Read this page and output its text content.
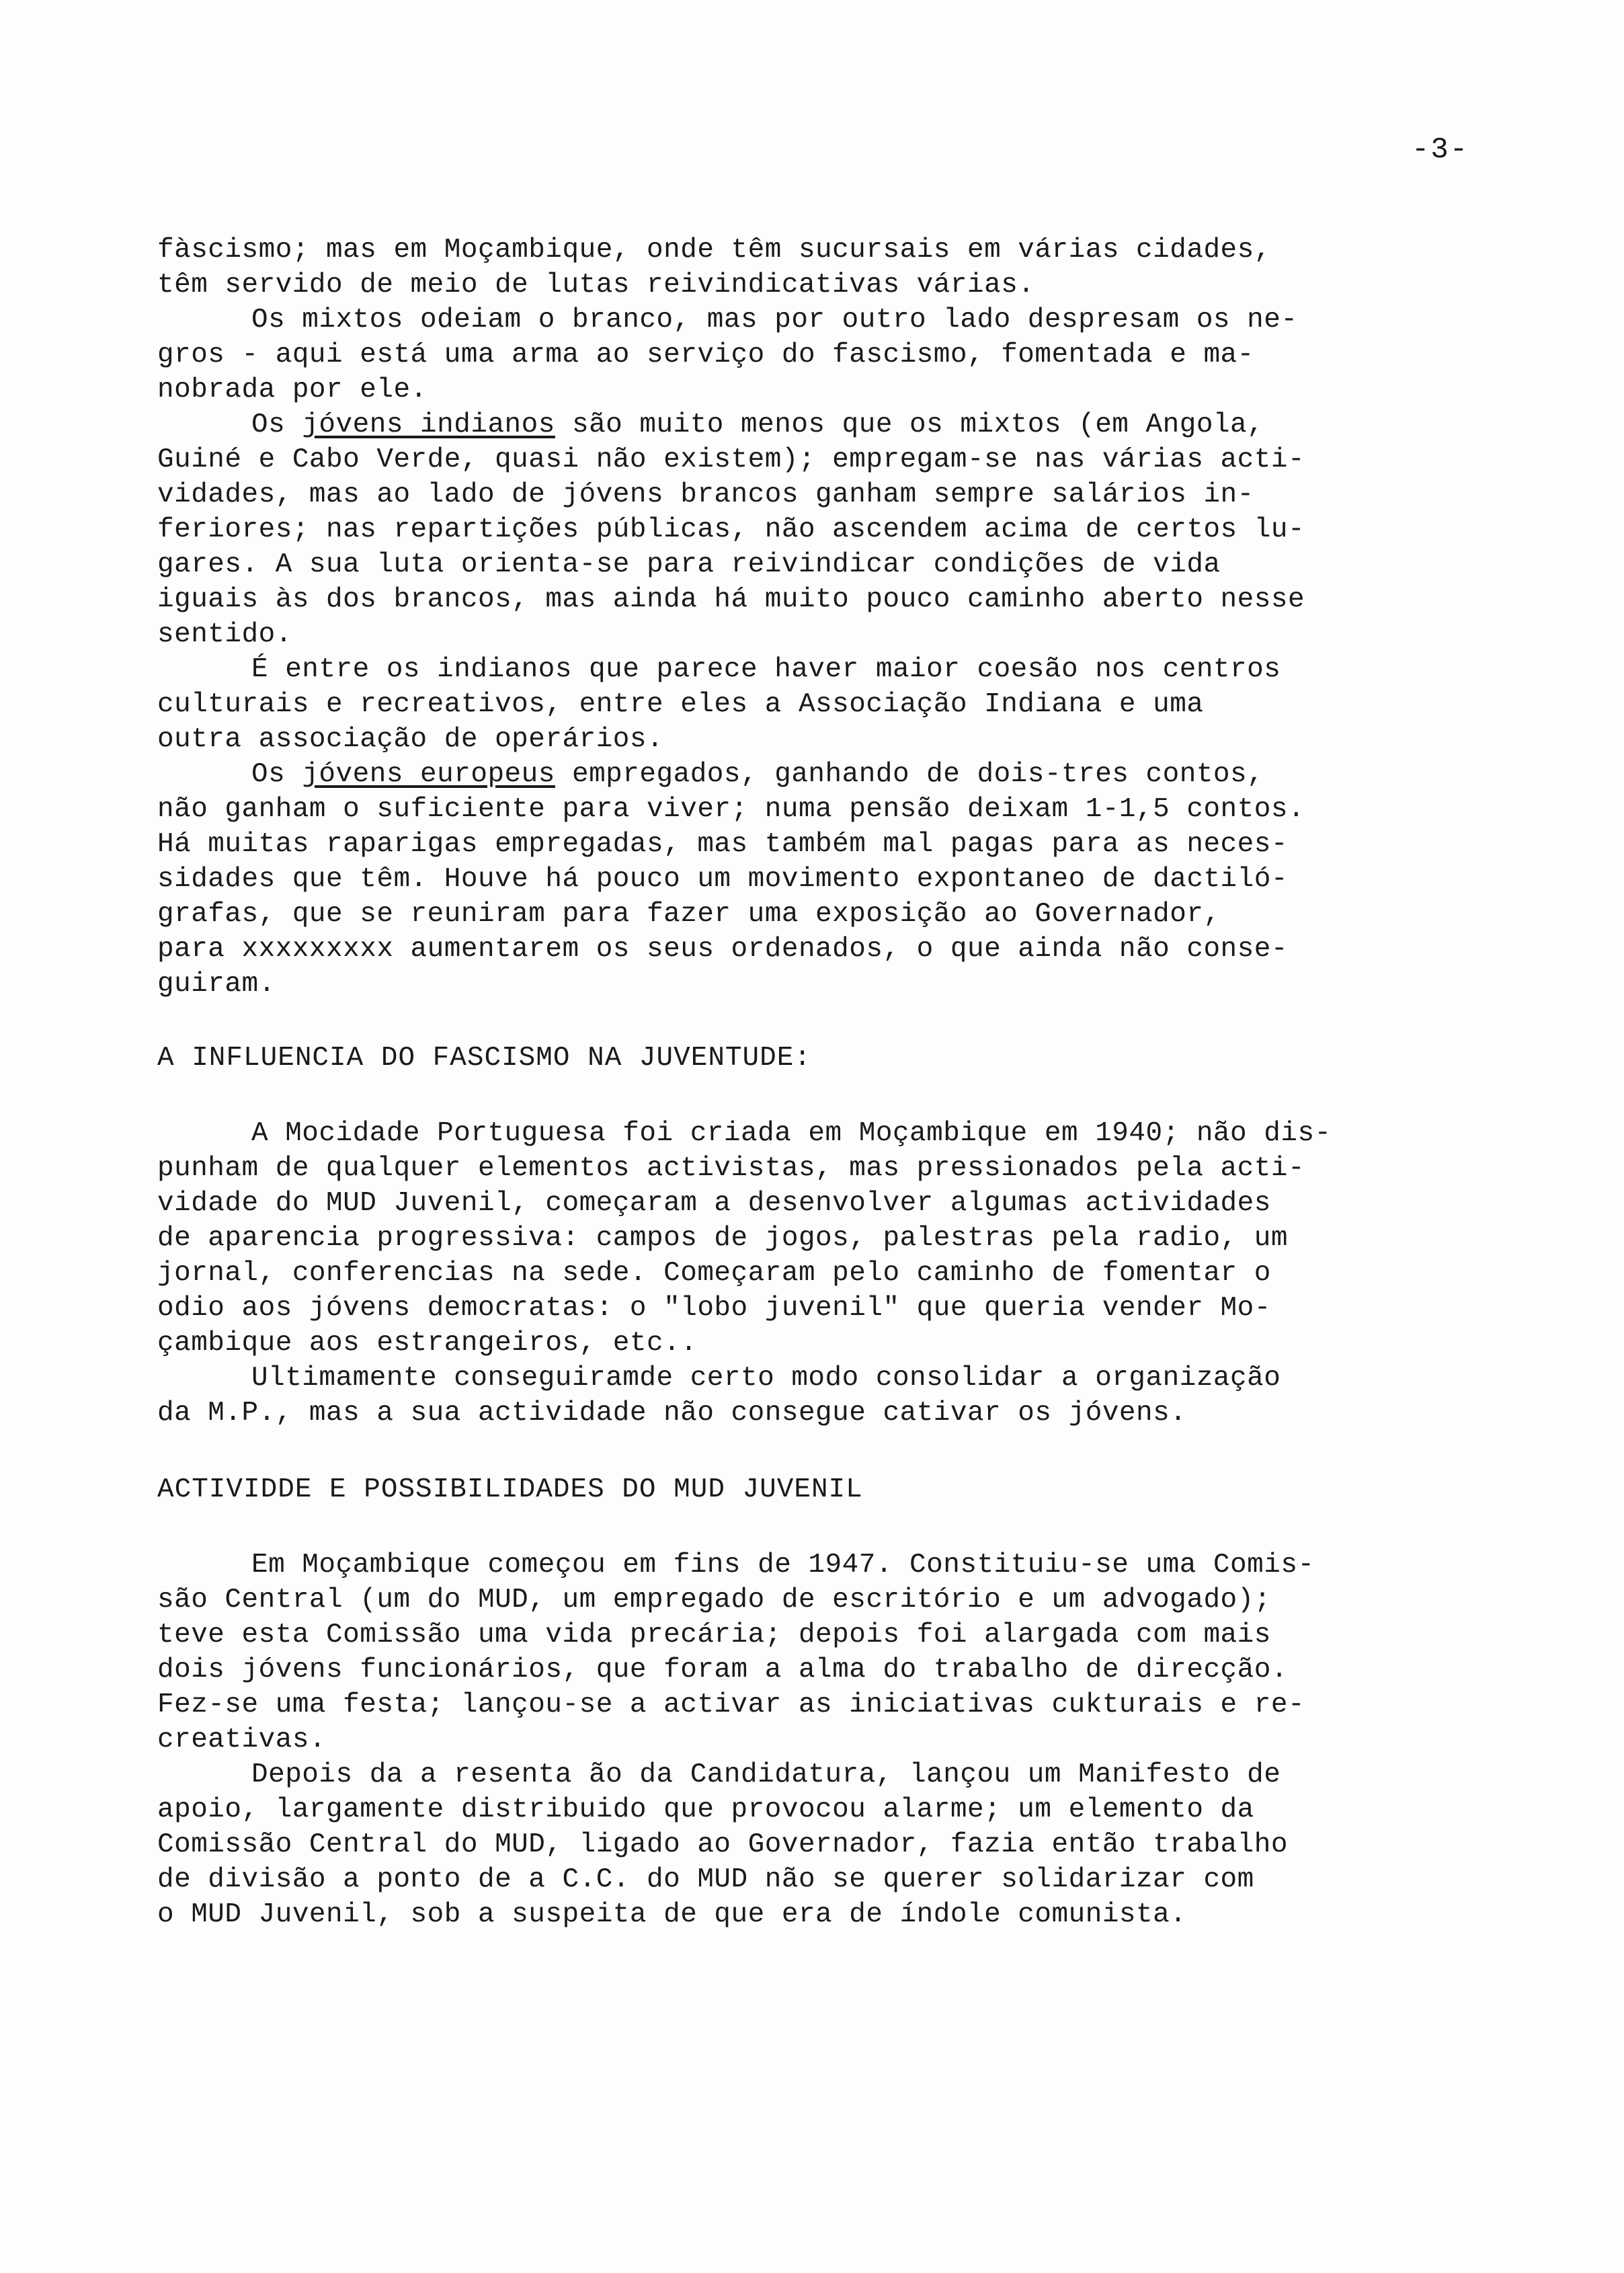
-3-
fàscismo; mas em Moçambique, onde têm sucursais em várias cidades,
têm servido de meio de lutas reivindicativas várias.
Os mixtos odeiam o branco, mas por outro lado despresam os ne-
gros - aqui está uma arma ao serviço do fascismo, fomentada e ma-
nobrada por ele.
Os jóvens indianos são muito menos que os mixtos (em Angola,
Guiné e Cabo Verde, quasi não existem); empregam-se nas várias acti-
vidades, mas ao lado de jóvens brancos ganham sempre salários in-
feriores; nas repartições públicas, não ascendem acima de certos lu-
gares. A sua luta orienta-se para reivindicar condições de vida
iguais às dos brancos, mas ainda há muito pouco caminho aberto nesse
sentido.
É entre os indianos que parece haver maior coesão nos centros
culturais e recreativos, entre eles a Associação Indiana e uma
outra associação de operários.
Os jóvens europeus empregados, ganhando de dois-tres contos,
não ganham o suficiente para viver; numa pensão deixam 1-1,5 contos.
Há muitas raparigas empregadas, mas também mal pagas para as neces-
sidades que têm. Houve há pouco um movimento expontaneo de dactiló-
grafas, que se reuniram para fazer uma exposição ao Governador,
para xxxxxxxxx aumentarem os seus ordenados, o que ainda não conse-
guiram.
A INFLUENCIA DO FASCISMO NA JUVENTUDE:
A Mocidade Portuguesa foi criada em Moçambique em 1940; não dis-
punham de qualquer elementos activistas, mas pressionados pela acti-
vidade do MUD Juvenil, começaram a desenvolver algumas actividades
de aparencia progressiva: campos de jogos, palestras pela radio, um
jornal, conferencias na sede. Começaram pelo caminho de fomentar o
odio aos jóvens democratas: o "lobo juvenil" que queria vender Mo-
çambique aos estrangeiros, etc..
Ultimamente conseguiramde certo modo consolidar a organização
da M.P., mas a sua actividade não consegue cativar os jóvens.
ACTIVIDDE E POSSIBILIDADES DO MUD JUVENIL
Em Moçambique começou em fins de 1947. Constituiu-se uma Comis-
são Central (um do MUD, um empregado de escritório e um advogado);
teve esta Comissão uma vida precária; depois foi alargada com mais
dois jóvens funcionários, que foram a alma do trabalho de direcção.
Fez-se uma festa; lançou-se a activar as iniciativas cukturais e re-
creativas.
Depois da a resenta ão da Candidatura, lançou um Manifesto de
apoio, largamente distribuido que provocou alarme; um elemento da
Comissão Central do MUD, ligado ao Governador, fazia então trabalho
de divisão a ponto de a C.C. do MUD não se querer solidarizar com
o MUD Juvenil, sob a suspeita de que era de índole comunista.
